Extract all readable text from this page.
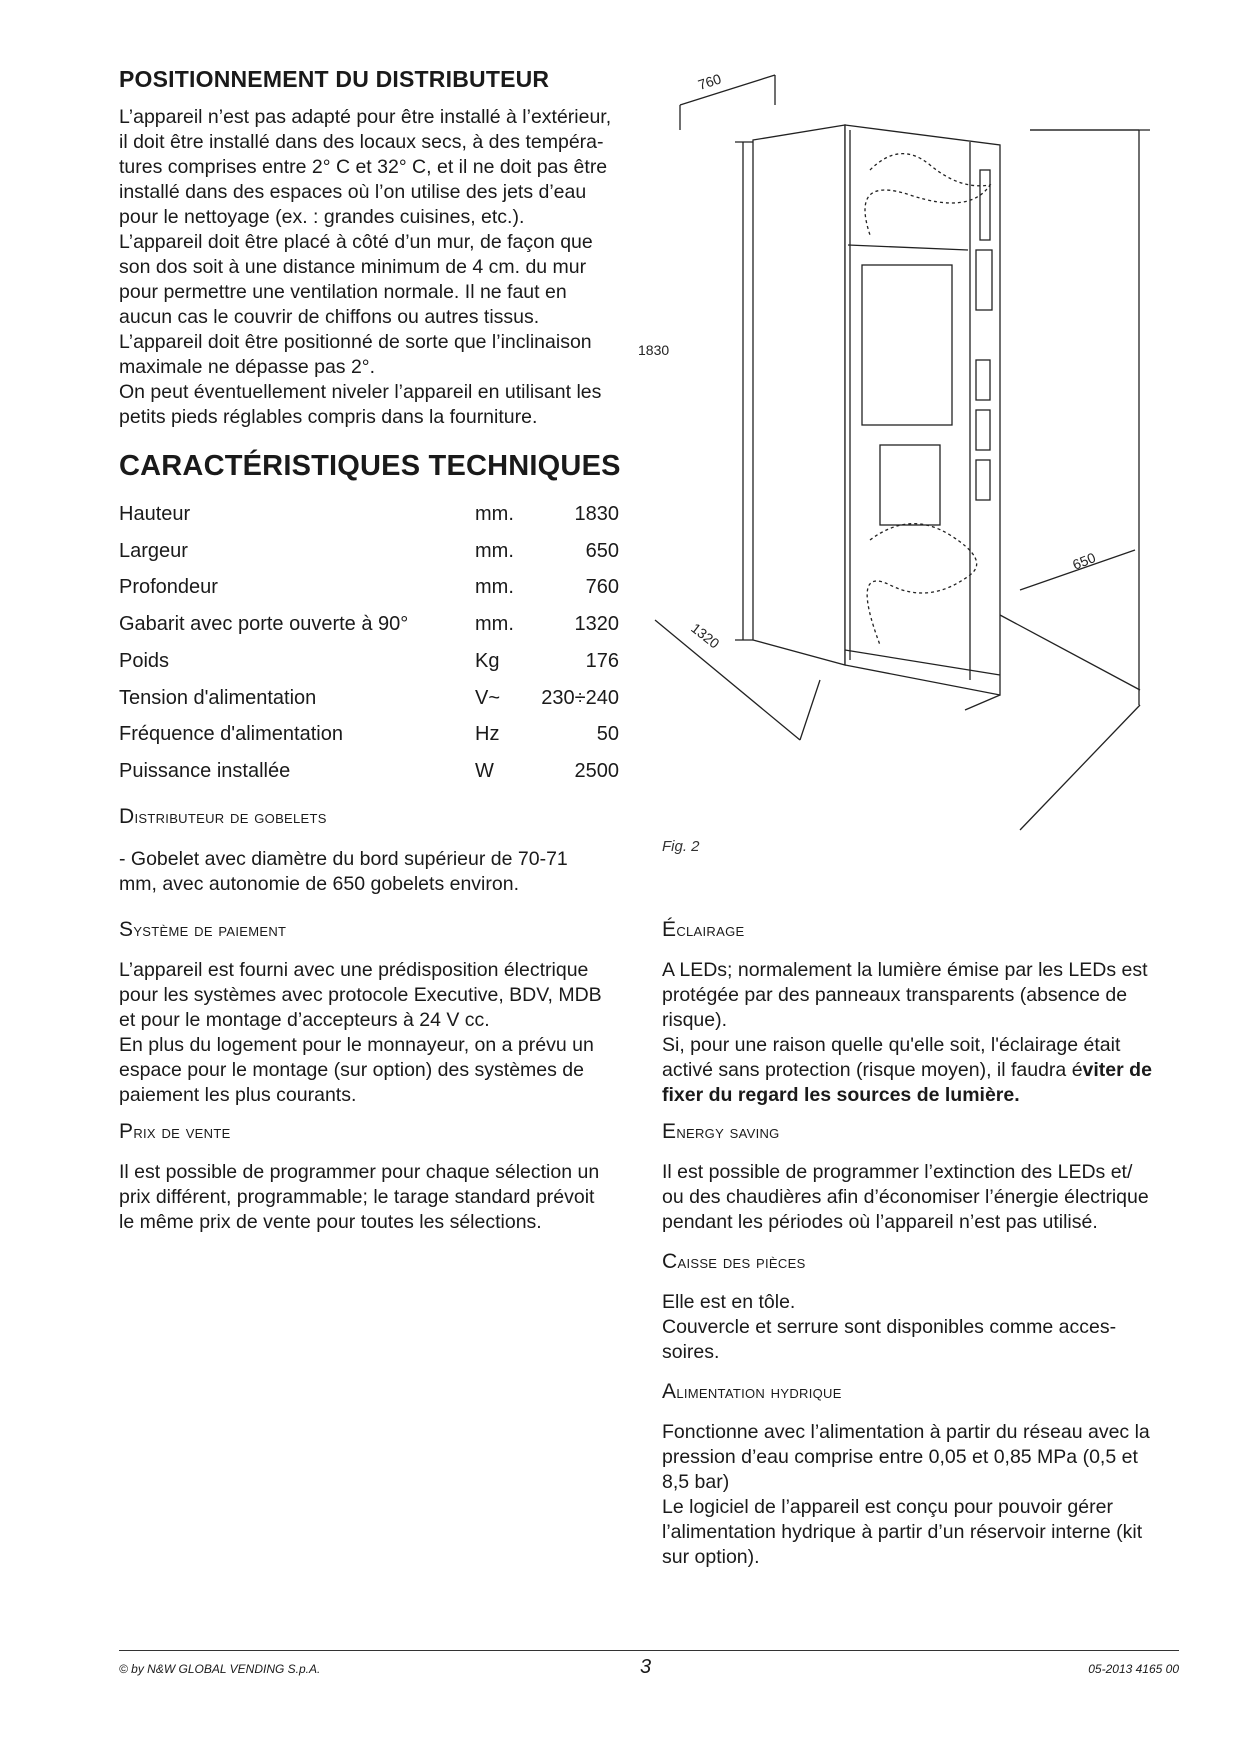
POSITIONNEMENT DU DISTRIBUTEUR
L’appareil n’est pas adapté pour être installé à l’extérieur,
il doit être installé dans des locaux secs, à des tempéra-
tures comprises entre 2° C et 32° C, et il ne doit pas être
installé dans des espaces où l’on utilise des jets d’eau
pour le nettoyage (ex. : grandes cuisines, etc.).
L’appareil doit être placé à côté d’un mur, de façon que
son dos soit à une distance minimum de 4 cm. du mur
pour permettre une ventilation normale. Il ne faut en
aucun cas le couvrir de chiffons ou autres tissus.
L’appareil doit être positionné de sorte que l’inclinaison
maximale ne dépasse pas 2°.
On peut éventuellement niveler l’appareil en utilisant les
petits pieds réglables compris dans la fourniture.
CARACTÉRISTIQUES TECHNIQUES
Hauteur	mm.	1830
Largeur	mm.	650
Profondeur	mm.	760
Gabarit avec porte ouverte à 90°	mm.	1320
Poids	Kg	176
Tension d'alimentation	V~ 230÷240
Fréquence d'alimentation	Hz	50
Puissance installée	W	2500
Distributeur de gobelets
- Gobelet avec diamètre du bord supérieur de 70-71
mm, avec autonomie de 650 gobelets environ.
Système de paiement
L’appareil est fourni avec une prédisposition électrique
pour les systèmes avec protocole Executive, BDV, MDB
et pour le montage d’accepteurs à 24 V cc.
En plus du logement pour le monnayeur, on a prévu un
espace pour le montage (sur option) des systèmes de
paiement les plus courants.
Prix de vente
Il est possible de programmer pour chaque sélection un
prix différent, programmable; le tarage standard prévoit
le même prix de vente pour toutes les sélections.
760
1830
650
1320
Fig. 2
Éclairage
A LEDs; normalement la lumière émise par les LEDs est
protégée par des panneaux transparents (absence de
risque).
Si, pour une raison quelle qu'elle soit, l'éclairage était
activé sans protection (risque moyen), il faudra éviter de
fixer du regard les sources de lumière.
Energy saving
Il est possible de programmer l’extinction des LEDs et/
ou des chaudières afin d’économiser l’énergie électrique
pendant les périodes où l’appareil n’est pas utilisé.
Caisse des pièces
Elle est en tôle.
Couvercle et serrure sont disponibles comme acces-
soires.
Alimentation hydrique
Fonctionne avec l’alimentation à partir du réseau avec la
pression d’eau comprise entre 0,05 et 0,85 MPa (0,5 et
8,5 bar)
Le logiciel de l’appareil est conçu pour pouvoir gérer
l’alimentation hydrique à partir d’un réservoir interne (kit
sur option).
© by N&W GLOBAL VENDING S.p.A.	3	05-2013 4165 00
